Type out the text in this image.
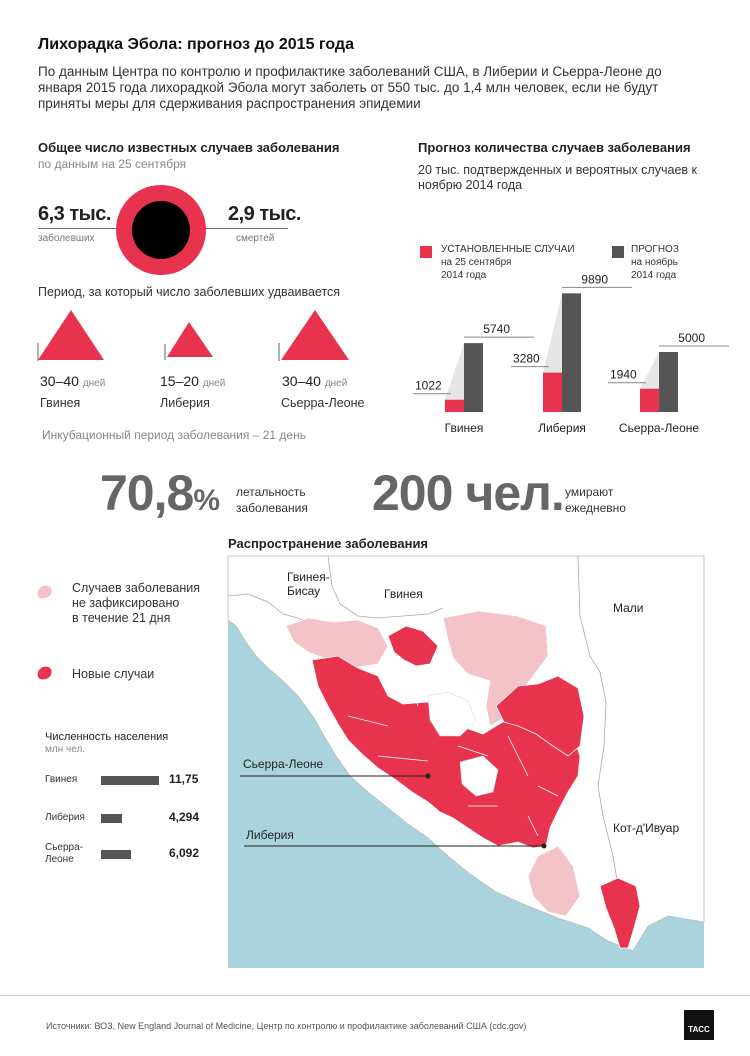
Лихорадка Эбола: прогноз до 2015 года
По данным Центра по контролю и профилактике заболеваний США, в Либерии и Сьерра-Леоне до января 2015 года лихорадкой Эбола могут заболеть от 550 тыс. до 1,4 млн человек, если не будут приняты меры для сдерживания распространения эпидемии
Общее число известных случаев заболевания
по данным на 25 сентября
6,3 тыс.
заболевших
2,9 тыс.
смертей
Период, за который число заболевших удваивается
30–40 дней	15–20 дней	30–40 дней
Гвинея	Либерия	Сьерра-Леоне
Инкубационный период заболевания – 21 день
Прогноз количества случаев заболевания
20 тыс. подтвержденных и вероятных случаев к ноябрю 2014 года
УСТАНОВЛЕННЫЕ СЛУЧАИ
на 25 сентября
2014 года
ПРОГНОЗ
на ноябрь
2014 года
1022
5740
Гвинея
3280
9890
Либерия
1940
5000
Сьерра-Леоне
70,8% летальность
заболевания 200 чел. умирают
ежедневно
Распространение заболевания
Гвинея-
Бисау	Гвинея
Мали
Сьерра-Леоне
Либерия	Кот-д'Ивуар
Случаев заболевания
не зафиксировано
в течение 21 дня
Новые случаи
Численность населения
млн чел.
Гвинея	11,75
Либерия	4,294
Сьерра-
Леоне	6,092
Источники: ВОЗ, New England Journal of Medicine, Центр по контролю и профилактике заболеваний США (cdc.gov)	ТАСС
